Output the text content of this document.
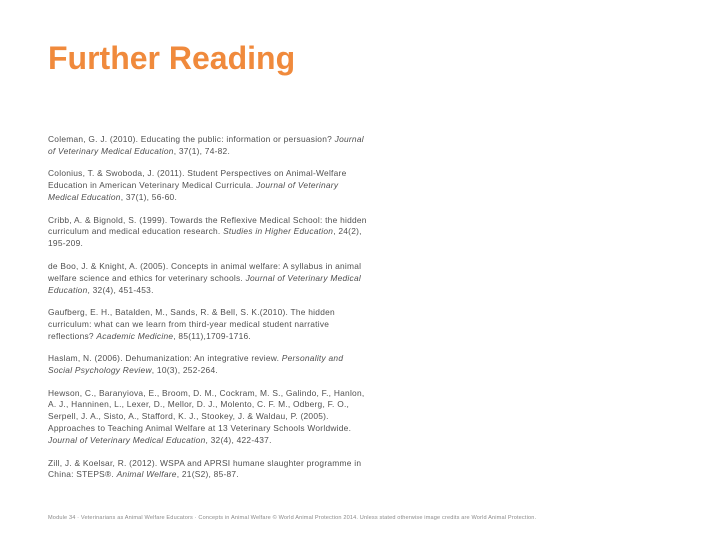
Further Reading

Coleman, G. J. (2010). Educating the public: information or persuasion? Journal of Veterinary Medical Education, 37(1), 74-82.

Colonius, T. & Swoboda, J. (2011). Student Perspectives on Animal-Welfare Education in American Veterinary Medical Curricula. Journal of Veterinary Medical Education, 37(1), 56-60.

Cribb, A. & Bignold, S. (1999). Towards the Reflexive Medical School: the hidden curriculum and medical education research. Studies in Higher Education, 24(2), 195-209.

de Boo, J. & Knight, A. (2005). Concepts in animal welfare: A syllabus in animal welfare science and ethics for veterinary schools. Journal of Veterinary Medical Education, 32(4), 451-453.

Gaufberg, E. H., Batalden, M., Sands, R. & Bell, S. K.(2010). The hidden curriculum: what can we learn from third-year medical student narrative reflections? Academic Medicine, 85(11),1709-1716.

Haslam, N. (2006). Dehumanization: An integrative review. Personality and Social Psychology Review, 10(3), 252-264.

Hewson, C., Baranyiova, E., Broom, D. M., Cockram, M. S., Galindo, F., Hanlon, A. J., Hanninen, L., Lexer, D., Mellor, D. J., Molento, C. F. M., Odberg, F. O., Serpell, J. A., Sisto, A., Stafford, K. J., Stookey, J. & Waldau, P. (2005). Approaches to Teaching Animal Welfare at 13 Veterinary Schools Worldwide. Journal of Veterinary Medical Education, 32(4), 422-437.

Zill, J. & Koelsar, R. (2012). WSPA and APRSI humane slaughter programme in China: STEPS®. Animal Welfare, 21(S2), 85-87.

Module 34 · Veterinarians as Animal Welfare Educators · Concepts in Animal Welfare © World Animal Protection 2014. Unless stated otherwise image credits are World Animal Protection.
